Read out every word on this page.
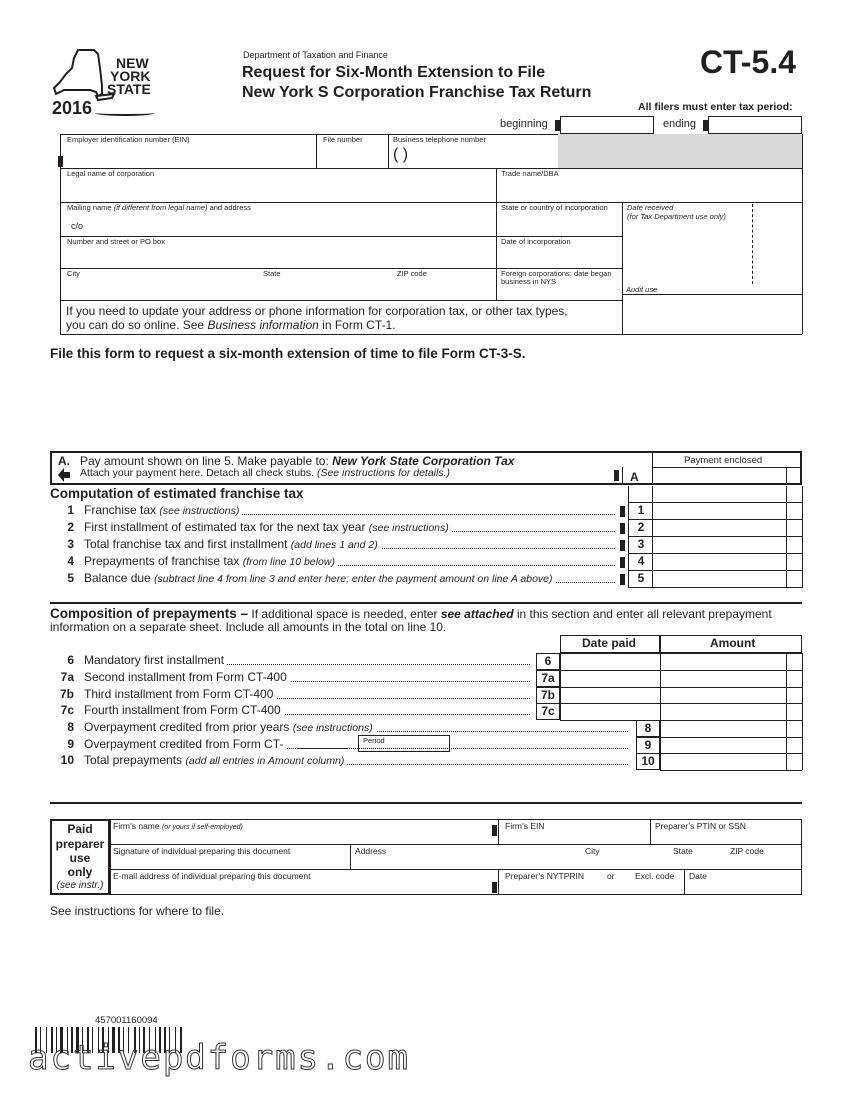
NEW
YORK
STATE
2016
Department of Taxation and Finance
Request for Six-Month Extension to File
New York S Corporation Franchise Tax Return
CT-5.4
All filers must enter tax period:
beginning	ending
Employer identification number (EIN)	File number	Business telephone number
( )
Legal name of corporation	Trade name/DBA
Mailing name (if different from legal name) and address
c/o
State or country of incorporation	Date received
(for Tax Department use only)
Number and street or PO box	Date of incorporation
City	State	ZIP code	Foreign corporations: date began
business in NYS
Audit use
If you need to update your address or phone information for corporation tax, or other tax types,
you can do so online. See Business information in Form CT-1.
File this form to request a six-month extension of time to file Form CT-3-S.
A. Pay amount shown on line 5. Make payable to: New York State Corporation Tax
Attach your payment here. Detach all check stubs. (See instructions for details.)	A
Payment enclosed
Computation of estimated franchise tax
1 Franchise tax (see instructions)	1
2 First installment of estimated tax for the next tax year (see instructions)	2
3 Total franchise tax and first installment (add lines 1 and 2)	3
4 Prepayments of franchise tax (from line 10 below)	4
5 Balance due (subtract line 4 from line 3 and enter here; enter the payment amount on line A above)	5
Composition of prepayments – If additional space is needed, enter see attached in this section and enter all relevant prepayment
information on a separate sheet. Include all amounts in the total on line 10.
Date paid	Amount
6 Mandatory first installment	6
7a Second installment from Form CT-400	7a
7b Third installment from Form CT-400	7b
7c Fourth installment from Form CT-400	7c
8 Overpayment credited from prior years (see instructions)	8
9 Overpayment credited from Form CT-	9
10 Total prepayments (add all entries in Amount column)	10
Period
Paid
preparer
use
only
(see instr.)
Firm’s name (or yours if self-employed)	Firm’s EIN	Preparer’s PTIN or SSN
Signature of individual preparing this document	Address	City	State	ZIP code
E-mail address of individual preparing this document	Preparer’s NYTPRIN	or Excl. code Date
See instructions for where to file.
457001160094
activepdforms.com
